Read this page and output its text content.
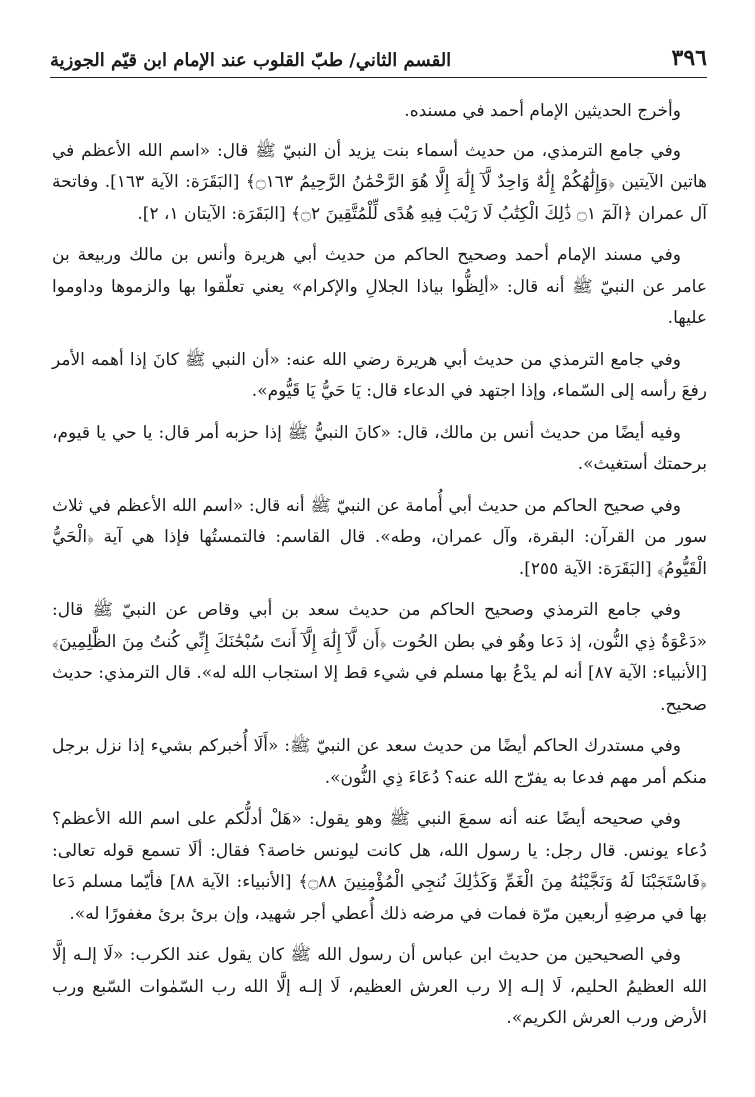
٣٩٦
القسم الثاني/ طبّ القلوب عند الإمام ابن قيّم الجوزية

وأخرج الحديثين الإمام أحمد في مسنده.

وفي جامع الترمذي، من حديث أسماء بنت يزيد أن النبيّ ﷺ قال: «اسم الله الأعظم في هاتين الآيتين ﴿وَإِلَٰهُكُمْ إِلَٰهٌ وَاحِدٌ لَّآ إِلَٰهَ إِلَّا هُوَ الرَّحْمَٰنُ الرَّحِيمُ ۝١٦٣﴾ [البَقَرَة: الآية ١٦٣]. وفاتحة آل عمران ﴿الٓمٓ ۝١ ذَٰلِكَ الْكِتَٰبُ لَا رَيْبَ فِيهِ هُدًى لِّلْمُتَّقِينَ ۝٢﴾ [البَقَرَة: الآيتان ١، ٢].

وفي مسند الإمام أحمد وصحيح الحاكم من حديث أبي هريرة وأنس بن مالك وربيعة بن عامر عن النبيّ ﷺ أنه قال: «ألِظُّوا بياذا الجلالِ والإكرام» يعني تعلّقوا بها والزموها وداوموا عليها.

وفي جامع الترمذي من حديث أبي هريرة رضي الله عنه: «أن النبي ﷺ كانَ إذا أهمه الأمر رفعَ رأسه إلى السّماء، وإذا اجتهد في الدعاء قال: يَا حَيُّ يَا قَيُّوم».

وفيه أيضًا من حديث أنس بن مالك، قال: «كانَ النبيُّ ﷺ إذا حزبه أمر قال: يا حي يا قيوم، برحمتك أستغيث».

وفي صحيح الحاكم من حديث أبي أُمامة عن النبيّ ﷺ أنه قال: «اسم الله الأعظم في ثلاث سور من القرآن: البقرة، وآل عمران، وطه». قال القاسم: فالتمستُها فإذا هي آية ﴿الْحَيُّ الْقَيُّومُ﴾ [البَقَرَة: الآية ٢٥٥].

وفي جامع الترمذي وصحيح الحاكم من حديث سعد بن أبي وقاص عن النبيّ ﷺ قال: «دَعْوَةُ ذِي النُّون، إذ دَعا وهُو في بطن الحُوت ﴿أَن لَّآ إِلَٰهَ إِلَّآ أَنتَ سُبْحَٰنَكَ إِنِّي كُنتُ مِنَ الظَّٰلِمِينَ﴾ [الأنبياء: الآية ٨٧] أنه لم يدْعُ بها مسلم في شيء قط إلا استجاب الله له». قال الترمذي: حديث صحيح.

وفي مستدرك الحاكم أيضًا من حديث سعد عن النبيّ ﷺ: «أَلَا أُخبركم بشيء إذا نزل برجل منكم أمر مهم فدعا به يفرّج الله عنه؟ دُعَاءَ ذِي النُّون».

وفي صحيحه أيضًا عنه أنه سمعَ النبي ﷺ وهو يقول: «هَلْ أدلُّكم على اسم الله الأعظم؟ دُعاء يونس. قال رجل: يا رسول الله، هل كانت ليونس خاصة؟ فقال: ألَا تسمع قوله تعالى: ﴿فَاسْتَجَبْنَا لَهُ وَنَجَّيْنَٰهُ مِنَ الْغَمِّ وَكَذَٰلِكَ نُنجِي الْمُؤْمِنِينَ ۝٨٨﴾ [الأنبياء: الآية ٨٨] فأيّما مسلم دَعا بها في مرضِهِ أربعين مرّة فمات في مرضه ذلك أُعطي أجر شهيد، وإن برئ برئ مغفورًا له».

وفي الصحيحين من حديث ابن عباس أن رسول الله ﷺ كان يقول عند الكرب: «لَا إلـه إلَّا الله العظيمُ الحليم، لَا إلـه إلا رب العرش العظيم، لَا إلـه إلَّا الله رب السّمٰوات السّبع ورب الأرض ورب العرش الكريم».
